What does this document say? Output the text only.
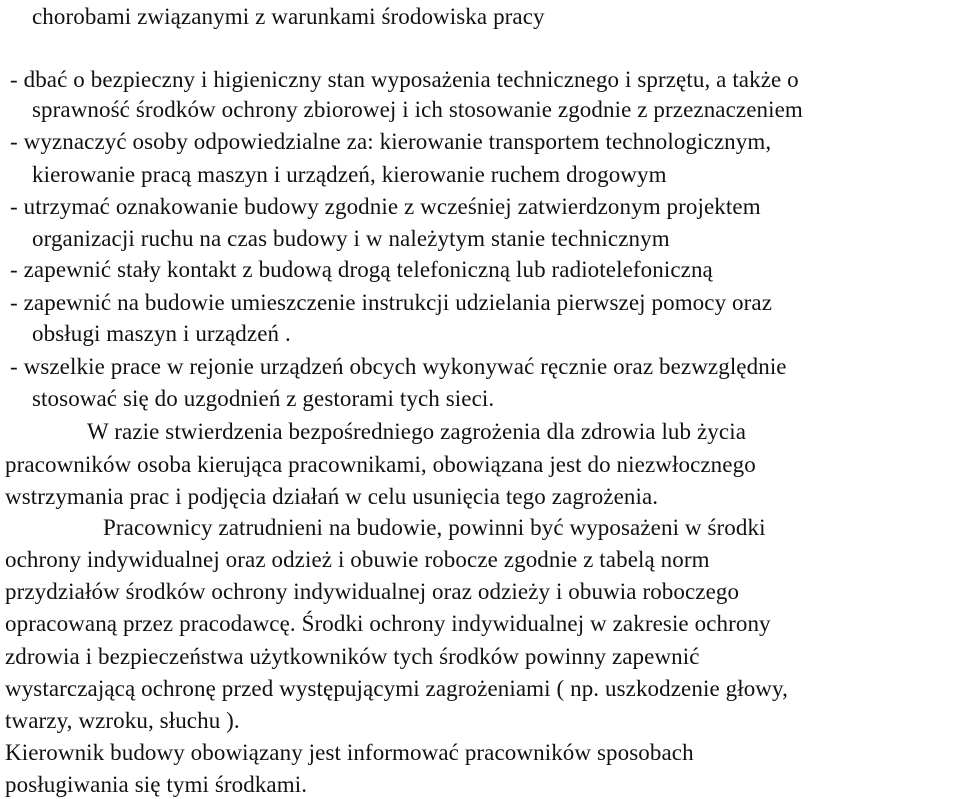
chorobami związanymi z warunkami środowiska pracy
- dbać o bezpieczny i higieniczny stan wyposażenia technicznego i sprzętu, a także o
sprawność środków ochrony zbiorowej i ich stosowanie zgodnie z przeznaczeniem
- wyznaczyć osoby odpowiedzialne za: kierowanie transportem technologicznym,
kierowanie pracą maszyn i urządzeń, kierowanie ruchem drogowym
- utrzymać oznakowanie budowy zgodnie z wcześniej zatwierdzonym projektem
organizacji ruchu na czas budowy i w należytym stanie technicznym
- zapewnić stały kontakt z budową drogą telefoniczną lub radiotelefoniczną
- zapewnić na budowie umieszczenie instrukcji udzielania pierwszej pomocy oraz
obsługi maszyn i urządzeń .
- wszelkie prace w rejonie urządzeń obcych wykonywać ręcznie oraz bezwzględnie
stosować się do uzgodnień z gestorami tych sieci.
W razie stwierdzenia bezpośredniego zagrożenia dla zdrowia lub życia
pracowników osoba kierująca pracownikami, obowiązana jest do niezwłocznego
wstrzymania prac i podjęcia działań w celu usunięcia tego zagrożenia.
Pracownicy zatrudnieni na budowie, powinni być wyposażeni w środki
ochrony indywidualnej oraz odzież i obuwie robocze zgodnie z tabelą norm
przydziałów środków ochrony indywidualnej oraz odzieży i obuwia roboczego
opracowaną przez pracodawcę. Środki ochrony indywidualnej w zakresie ochrony
zdrowia i bezpieczeństwa użytkowników tych środków powinny zapewnić
wystarczającą ochronę przed występującymi zagrożeniami ( np. uszkodzenie głowy,
twarzy, wzroku, słuchu ).
Kierownik budowy obowiązany jest informować pracowników sposobach
posługiwania się tymi środkami.
